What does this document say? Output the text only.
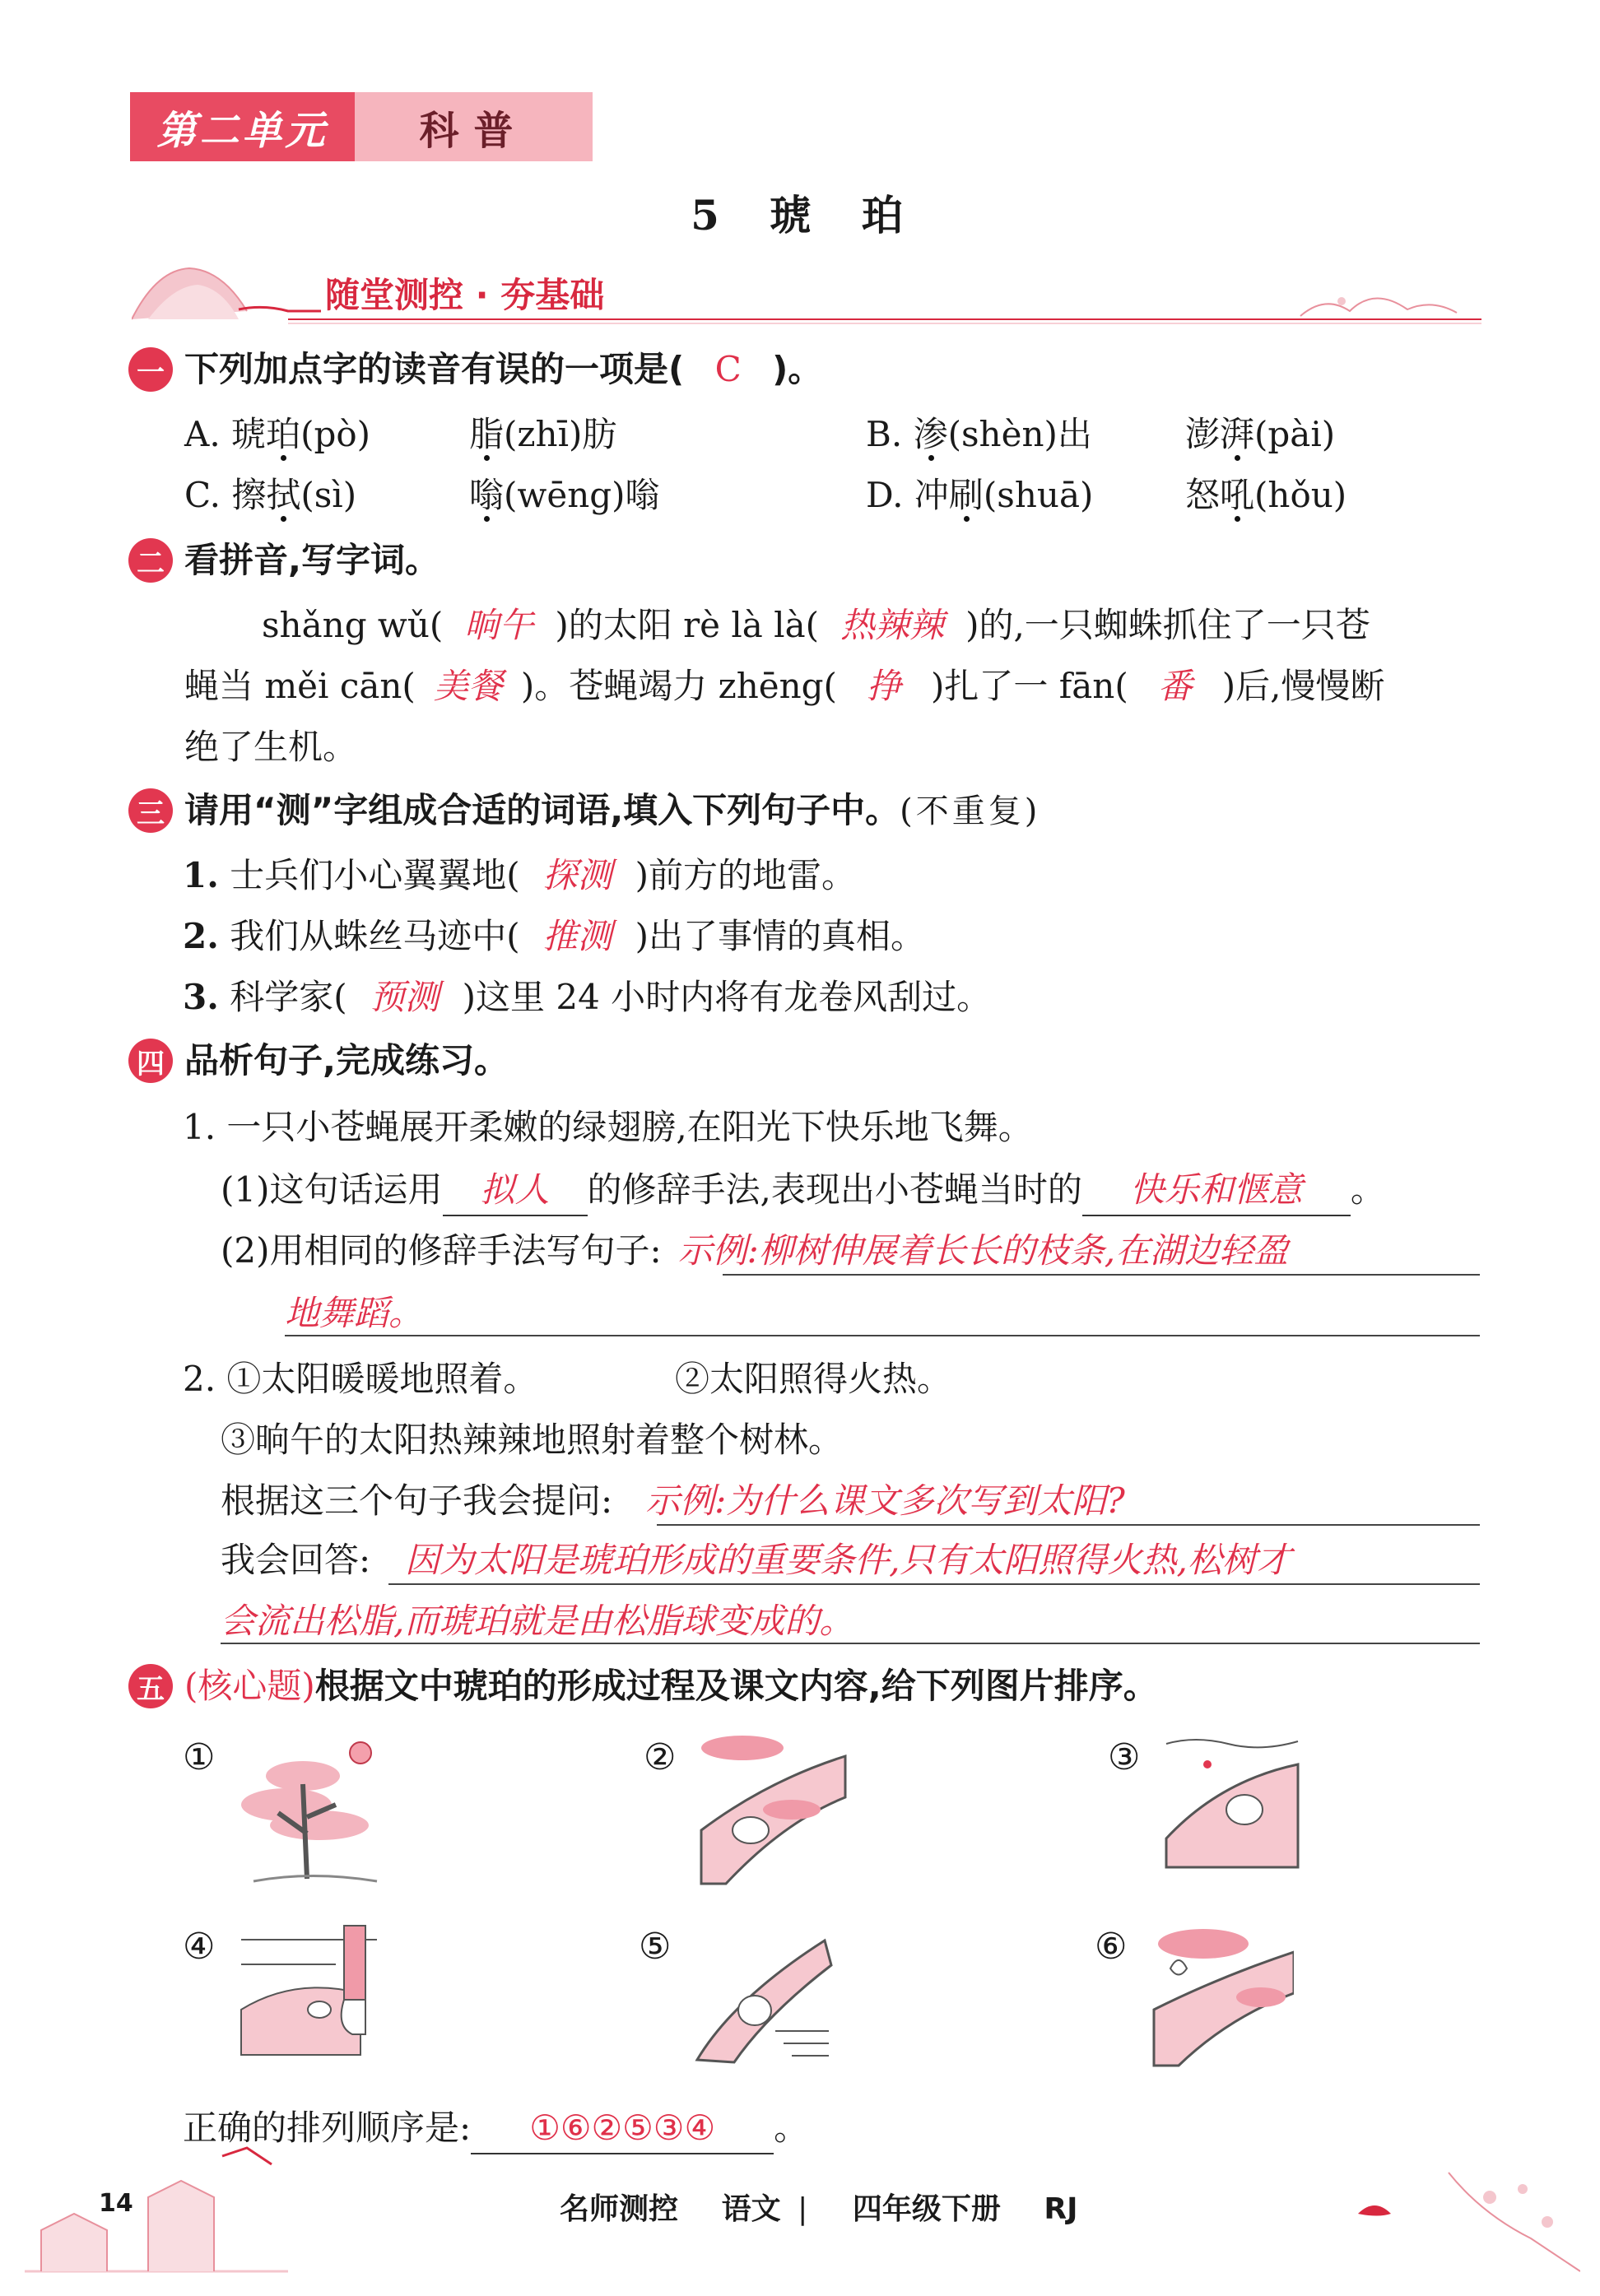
第二单元	科普
5 琥 珀
随堂测控 · 夯基础
一 下列加点字的读音有误的一项是( C )。
A. 琥珀(pò)	脂(zhī)肪	B. 渗(shèn)出	澎湃(pài)
C. 擦拭(sì)	嗡(wēng)嗡	D. 冲刷(shuā)	怒吼(hǒu)
二 看拼音,写字词。
shǎng wǔ( 晌午 )的太阳 rè là là( 热辣辣 )的,一只蜘蛛抓住了一只苍
蝇当 měi cān( 美餐 )。苍蝇竭力 zhēng( 挣 )扎了一 fān( 番 )后,慢慢断
绝了生机。
三 请用“测”字组成合适的词语,填入下列句子中。(不重复)
1. 士兵们小心翼翼地( 探测 )前方的地雷。
2. 我们从蛛丝马迹中( 推测 )出了事情的真相。
3. 科学家( 预测 )这里 24 小时内将有龙卷风刮过。
四 品析句子,完成练习。
1. 一只小苍蝇展开柔嫩的绿翅膀,在阳光下快乐地飞舞。
(1)这句话运用 拟人 的修辞手法,表现出小苍蝇当时的 快乐和惬意 。
(2)用相同的修辞手法写句子: 示例:柳树伸展着长长的枝条,在湖边轻盈
地舞蹈。
2. ①太阳暖暖地照着。	②太阳照得火热。
③晌午的太阳热辣辣地照射着整个树林。
根据这三个句子我会提问: 示例:为什么课文多次写到太阳?
我会回答: 因为太阳是琥珀形成的重要条件,只有太阳照得火热,松树才
会流出松脂,而琥珀就是由松脂球变成的。
五 (核心题)根据文中琥珀的形成过程及课文内容,给下列图片排序。
①	②	③
④	⑤	⑥
正确的排列顺序是: ①⑥②⑤③④ 。
14	名师测控 语文 | 四年级下册 RJ
